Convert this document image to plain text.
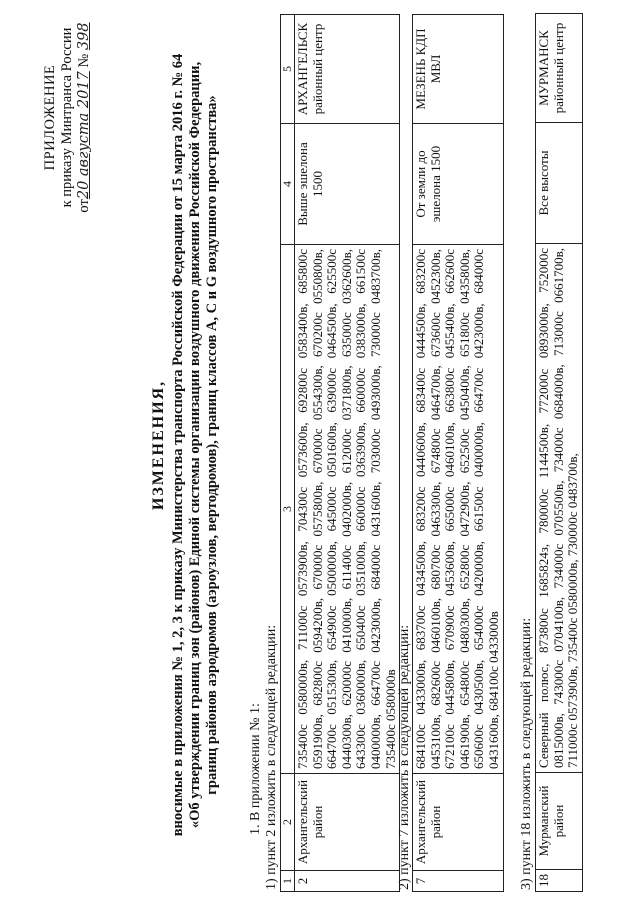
ПРИЛОЖЕНИЕ к приказу Минтранса России от20 августа 2017 № 398
ИЗМЕНЕНИЯ, вносимые в приложения № 1, 2, 3 к приказу Министерства транспорта Российской Федерации от 15 марта 2016 г. № 64 «Об утверждении границ зон (районов) Единой системы организации воздушного движения Российской Федерации, границ районов аэродромов (аэроузлов, вертодромов), границ классов A, C и G воздушного пространства» 1. В приложении № 1: 1) пункт 2 изложить в следующей редакции: 1	2	3	4	5
2	Архангельский район	735400с 0580000в, 711000с 0573900в, 704300с 0573600в, 692800с 0583400в, 685800с 0591900в, 682800с 0594200в, 670000с 0575800в, 670000с 0554300в, 670200с 0550800в, 664700с 0515300в, 654900с 0500000в, 645000с 0501600в, 639000с 0464500в, 625500с 0440300в, 620000с 0410000в, 611400с 0402000в, 612000с 0371800в, 635000с 0362600в, 643300с 0360000в, 650400с 0351000в, 660000с 0363900в, 660000с 0383000в, 661500с 0400000в, 664700с 0423000в, 684000с 0431600в, 703000с 0493000в, 730000с 0483700в, 735400с 0580000в	Выше эшелона 1500	АРХАНГЕЛЬСК районный центр
2) пункт 7 изложить в следующей редакции: 7	Архангельский район	684100с 0433000в, 683700с 0434500в, 683200с 0440600в, 683400с 0444500в, 683200с 0453100в, 682600с 0460100в, 680700с 0463300в, 674800с 0464700в, 673600с 0452300в, 672100с 0445800в, 670900с 0453600в, 665000с 0460100в, 663800с 0455400в, 662600с 0461900в, 654800с 0480300в, 652800с 0472900в, 652500с 0450400в, 651800с 0435800в, 650600с 0430500в, 654000с 0420000в, 661500с 0400000в, 664700с 0423000в, 684000с 0431600в, 684100с 0433000в	От земли до эшелона 1500	МЕЗЕНЬ КДП МВЛ
3) пункт 18 изложить в следующей редакции: 18	Мурманский район	Северный полюс, 873800с 1685824з, 780000с 1144500в, 772000с 0893000в, 752000с 0815000в, 743000с 0704100в, 734000с 0705500в, 734000с 0684000в, 713000с 0661700в, 711000с 0573900в, 735400с 0580000в, 730000с 0483700в,	Все высоты	МУРМАНСК районный центр
